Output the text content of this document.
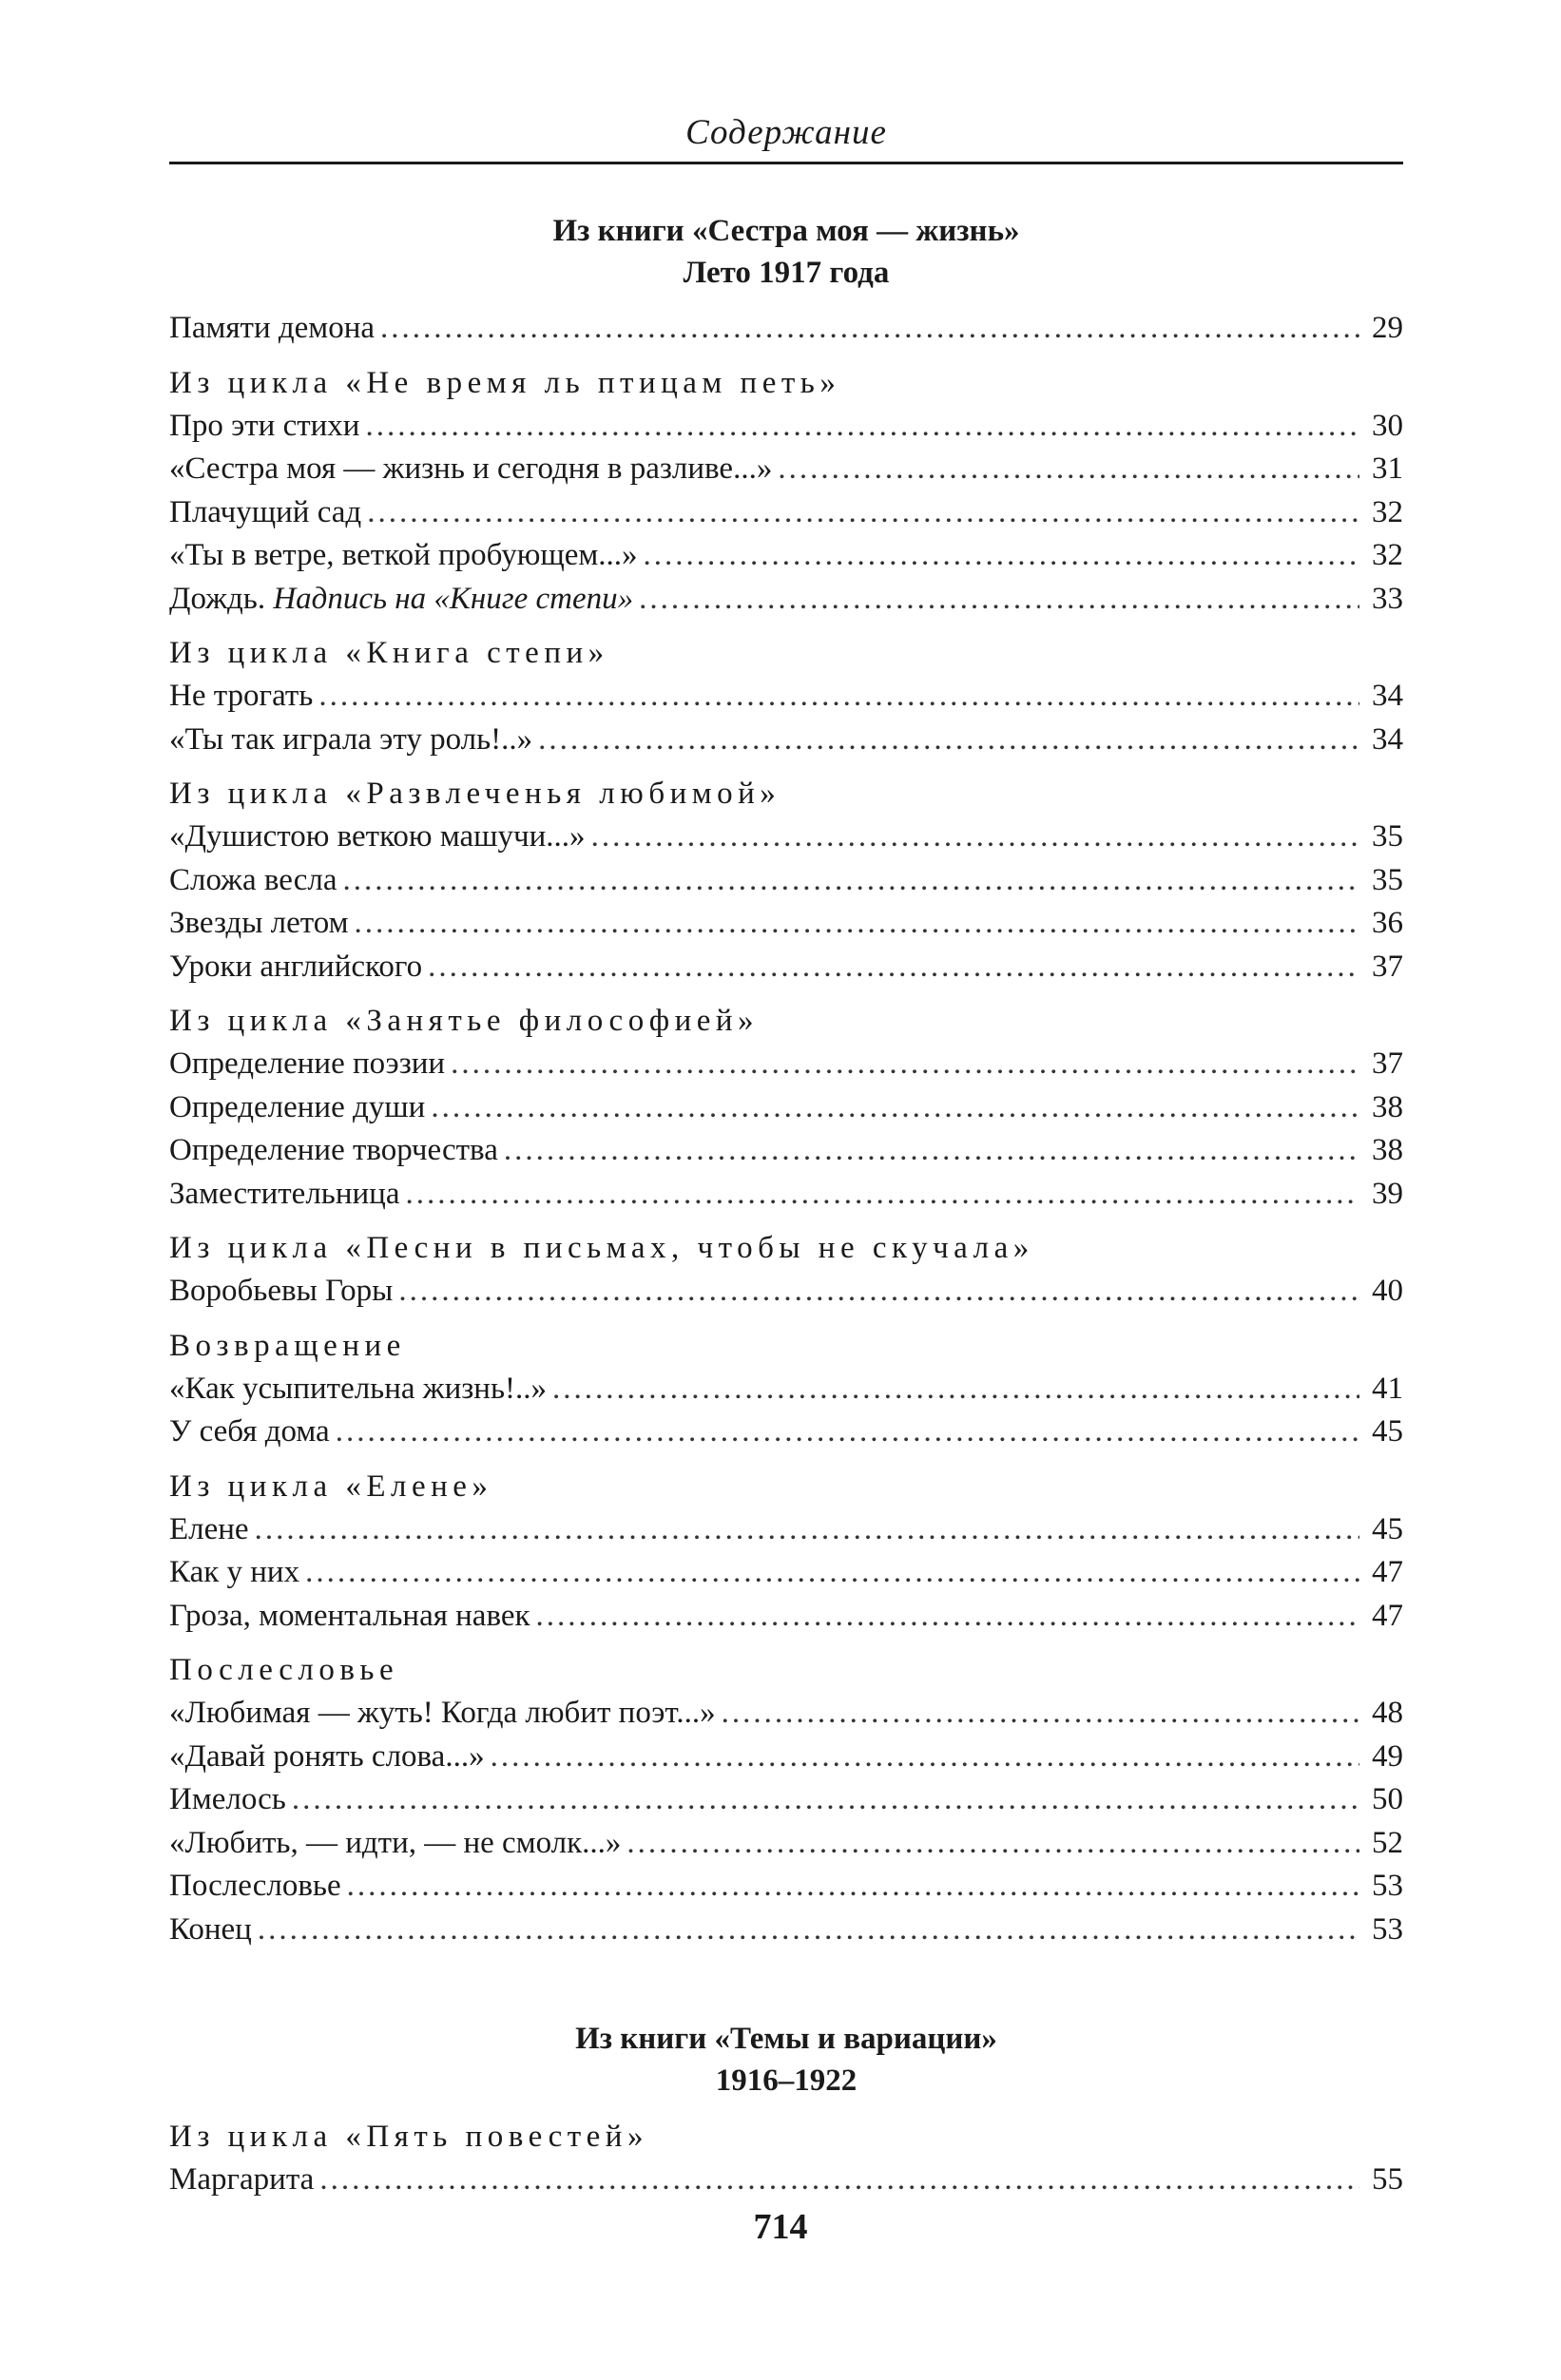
Содержание
Из книги «Сестра моя — жизнь»
Лето 1917 года
Памяти демона .....	29
Из цикла «Не время ль птицам петь»
Про эти стихи .....	30
«Сестра моя — жизнь и сегодня в разливе...» .....	31
Плачущий сад .....	32
«Ты в ветре, веткой пробующем...» .....	32
Дождь. Надпись на «Книге степи» .....	33
Из цикла «Книга степи»
Не трогать .....	34
«Ты так играла эту роль!..» .....	34
Из цикла «Развлеченья любимой»
«Душистою веткою машучи...» .....	35
Сложа весла .....	35
Звезды летом .....	36
Уроки английского .....	37
Из цикла «Занятье философией»
Определение поэзии .....	37
Определение души .....	38
Определение творчества .....	38
Заместительница .....	39
Из цикла «Песни в письмах, чтобы не скучала»
Воробьевы Горы .....	40
Возвращение
«Как усыпительна жизнь!..» .....	41
У себя дома .....	45
Из цикла «Елене»
Елене .....	45
Как у них .....	47
Гроза, моментальная навек .....	47
Послесловье
«Любимая — жуть! Когда любит поэт...» .....	48
«Давай ронять слова...» .....	49
Имелось .....	50
«Любить, — идти, — не смолк...» .....	52
Послесловье .....	53
Конец .....	53
Из книги «Темы и вариации»
1916–1922
Из цикла «Пять повестей»
Маргарита .....	55
714
